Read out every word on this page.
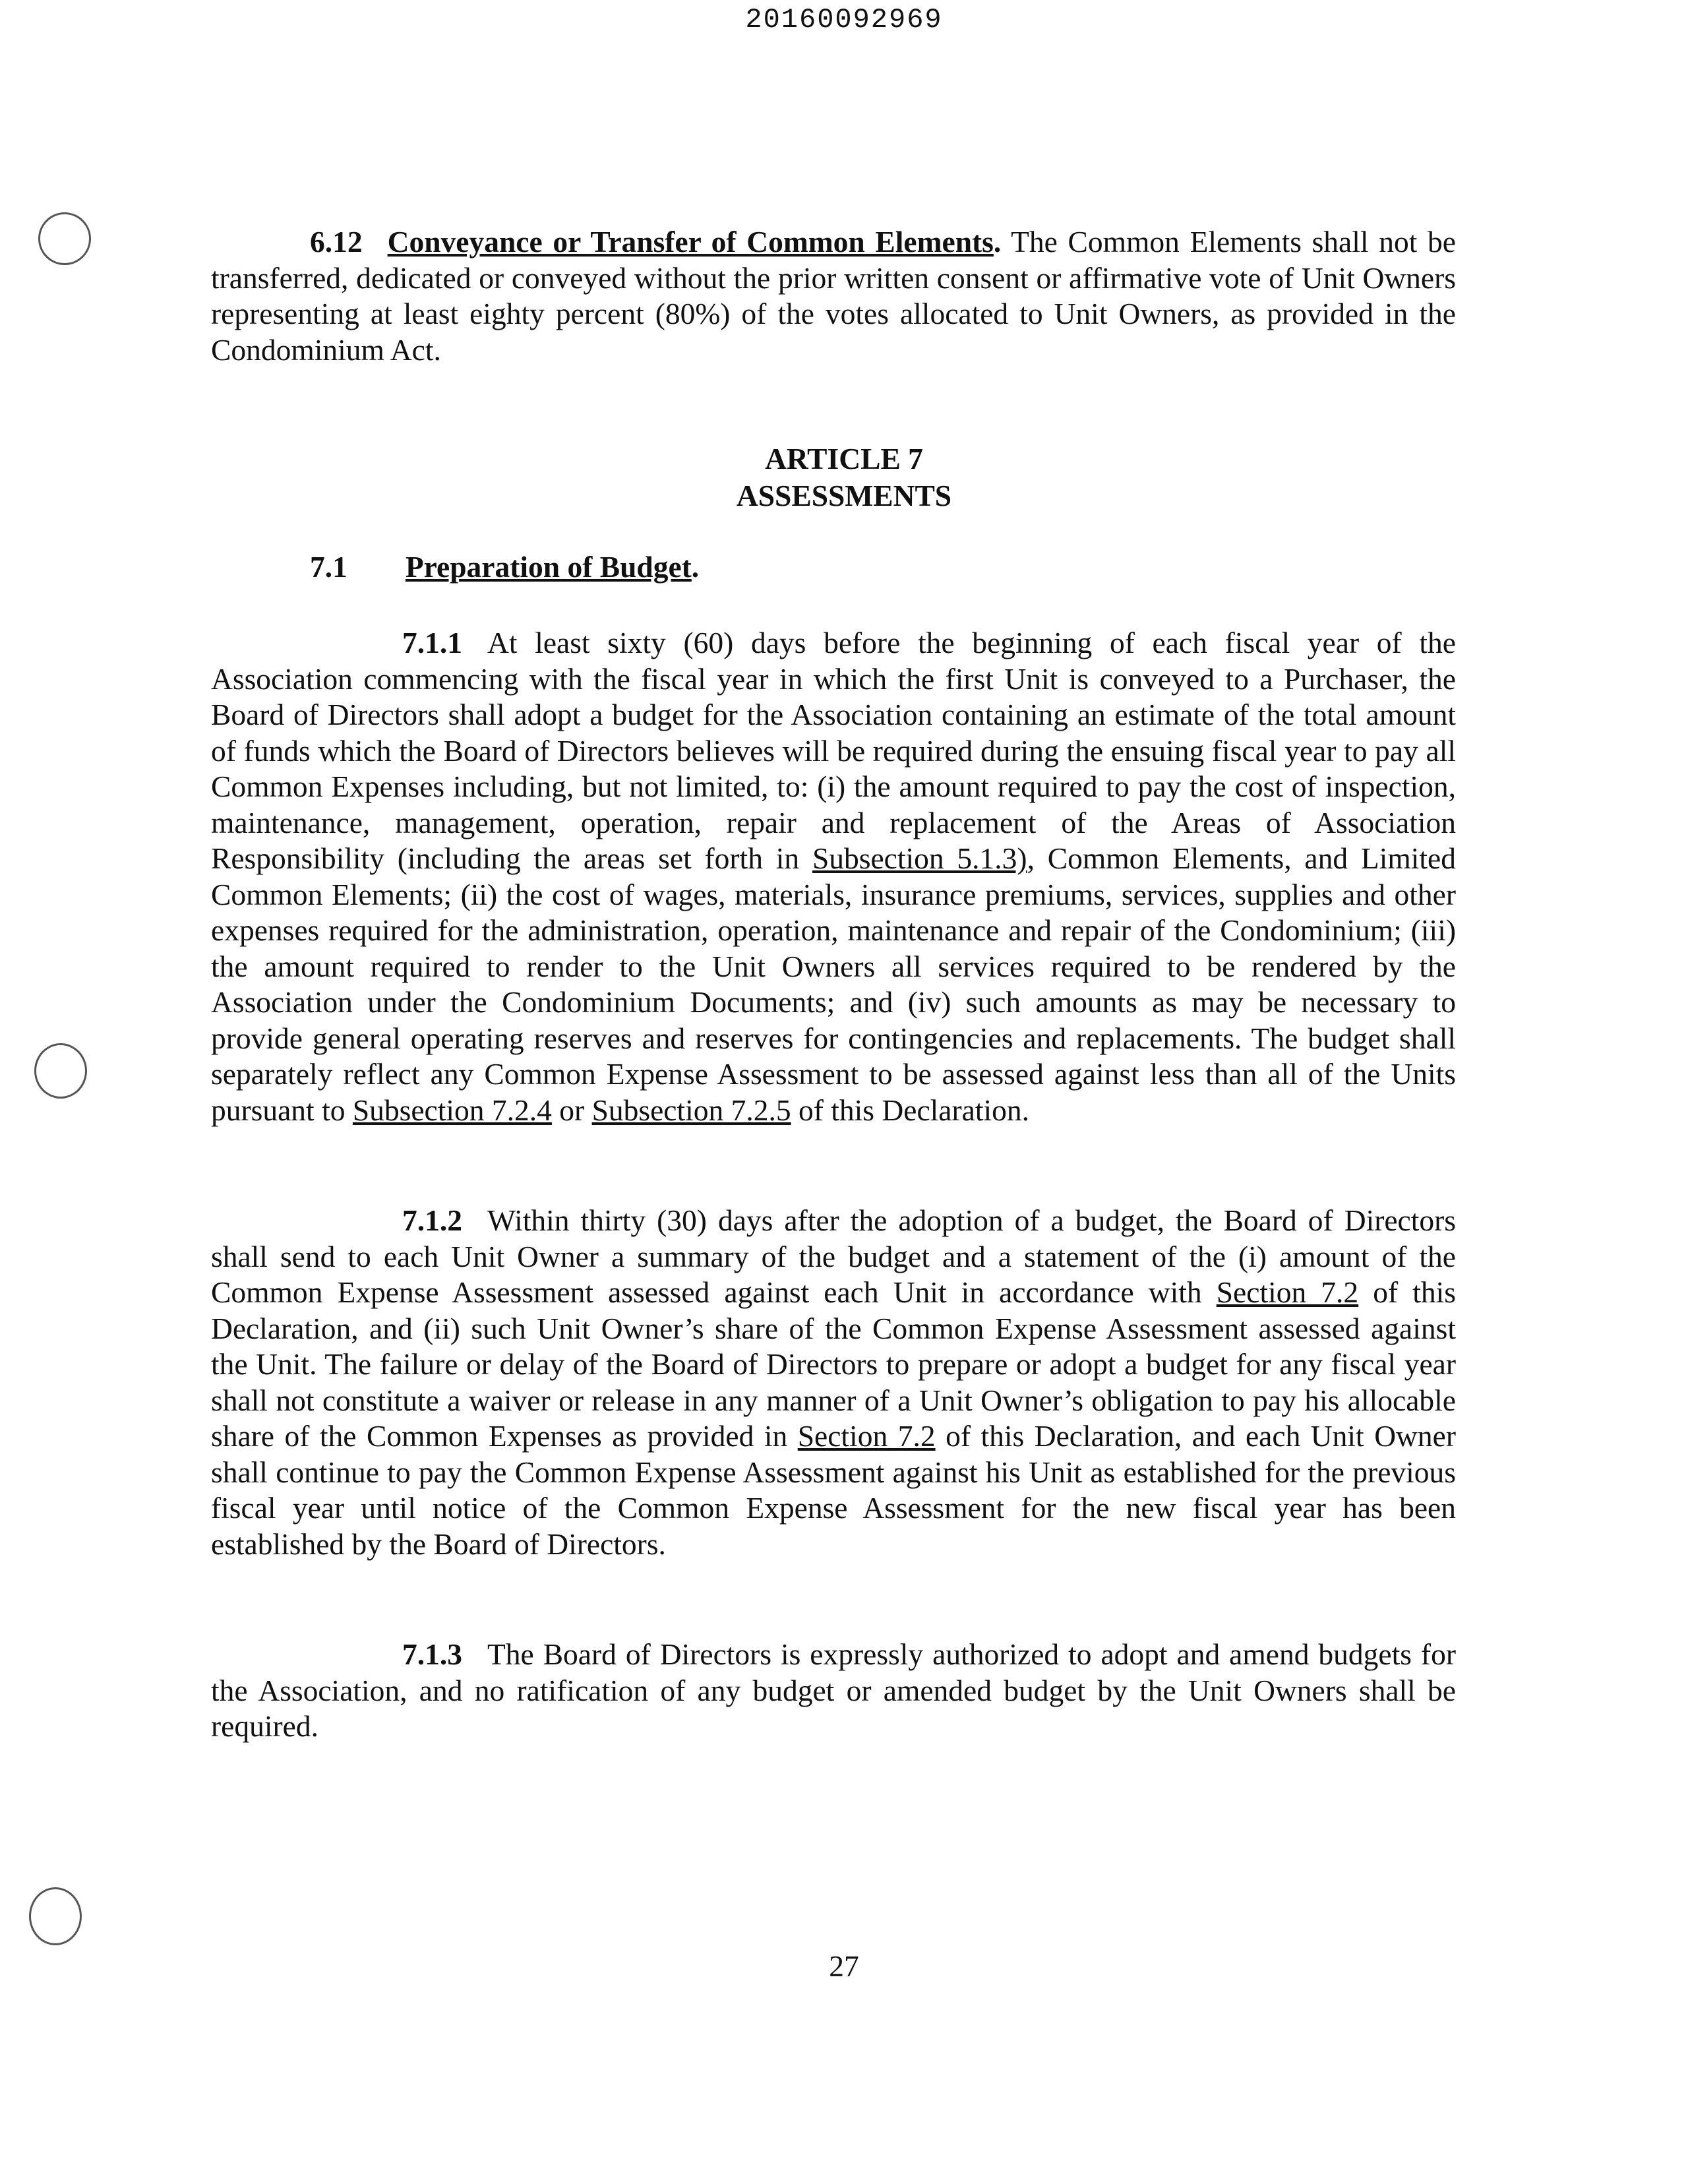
20160092969
6.12 Conveyance or Transfer of Common Elements. The Common Elements shall not be transferred, dedicated or conveyed without the prior written consent or affirmative vote of Unit Owners representing at least eighty percent (80%) of the votes allocated to Unit Owners, as provided in the Condominium Act.
ARTICLE 7
ASSESSMENTS
7.1 Preparation of Budget.
7.1.1 At least sixty (60) days before the beginning of each fiscal year of the Association commencing with the fiscal year in which the first Unit is conveyed to a Purchaser, the Board of Directors shall adopt a budget for the Association containing an estimate of the total amount of funds which the Board of Directors believes will be required during the ensuing fiscal year to pay all Common Expenses including, but not limited, to: (i) the amount required to pay the cost of inspection, maintenance, management, operation, repair and replacement of the Areas of Association Responsibility (including the areas set forth in Subsection 5.1.3), Common Elements, and Limited Common Elements; (ii) the cost of wages, materials, insurance premiums, services, supplies and other expenses required for the administration, operation, maintenance and repair of the Condominium; (iii) the amount required to render to the Unit Owners all services required to be rendered by the Association under the Condominium Documents; and (iv) such amounts as may be necessary to provide general operating reserves and reserves for contingencies and replacements. The budget shall separately reflect any Common Expense Assessment to be assessed against less than all of the Units pursuant to Subsection 7.2.4 or Subsection 7.2.5 of this Declaration.
7.1.2 Within thirty (30) days after the adoption of a budget, the Board of Directors shall send to each Unit Owner a summary of the budget and a statement of the (i) amount of the Common Expense Assessment assessed against each Unit in accordance with Section 7.2 of this Declaration, and (ii) such Unit Owner’s share of the Common Expense Assessment assessed against the Unit. The failure or delay of the Board of Directors to prepare or adopt a budget for any fiscal year shall not constitute a waiver or release in any manner of a Unit Owner’s obligation to pay his allocable share of the Common Expenses as provided in Section 7.2 of this Declaration, and each Unit Owner shall continue to pay the Common Expense Assessment against his Unit as established for the previous fiscal year until notice of the Common Expense Assessment for the new fiscal year has been established by the Board of Directors.
7.1.3 The Board of Directors is expressly authorized to adopt and amend budgets for the Association, and no ratification of any budget or amended budget by the Unit Owners shall be required.
27
